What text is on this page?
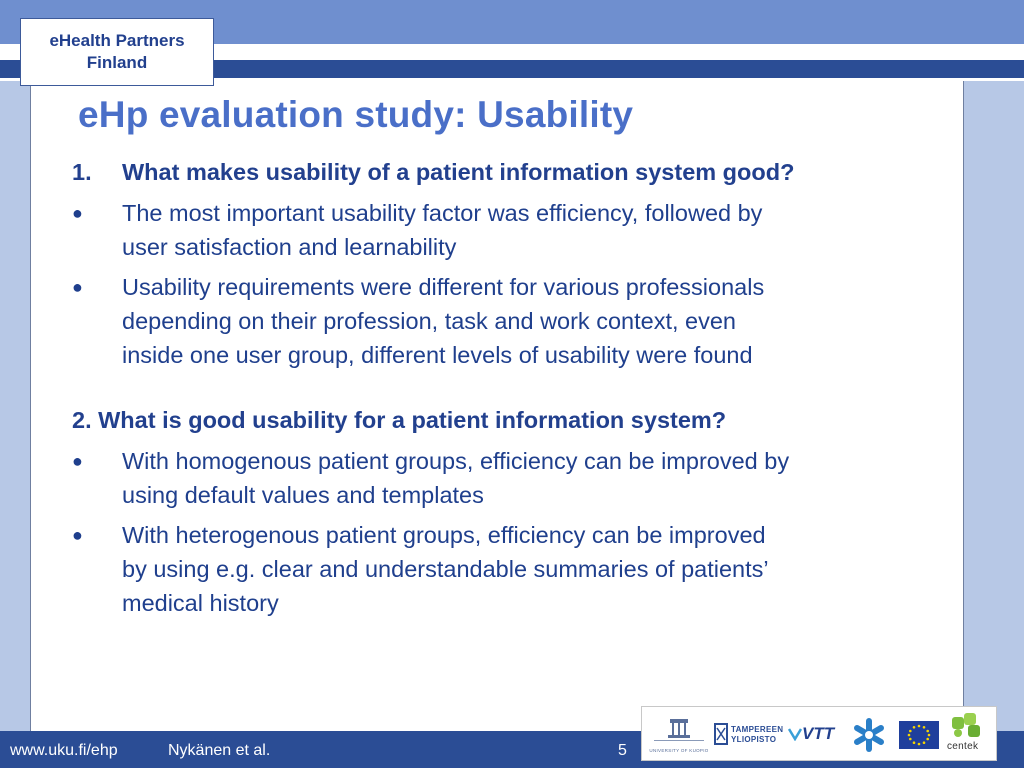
eHealth Partners
Finland
eHp evaluation study: Usability

1. What makes usability of a patient information system good?

● The most important usability factor was efficiency, followed by
user satisfaction and learnability
● Usability requirements were different for various professionals
depending on their profession, task and work context, even
inside one user group, different levels of usability were found

2. What is good usability for a patient information system?

● With homogenous patient groups, efficiency can be improved by
using default values and templates
● With heterogenous patient groups, efficiency can be improved
by using e.g. clear and understandable summaries of patients’
medical history
www.uku.fi/ehp	Nykänen et al.	5	UNIVERSITY OF KUOPIO
TAMPEREEN
YLIOPISTO VTT
centek
